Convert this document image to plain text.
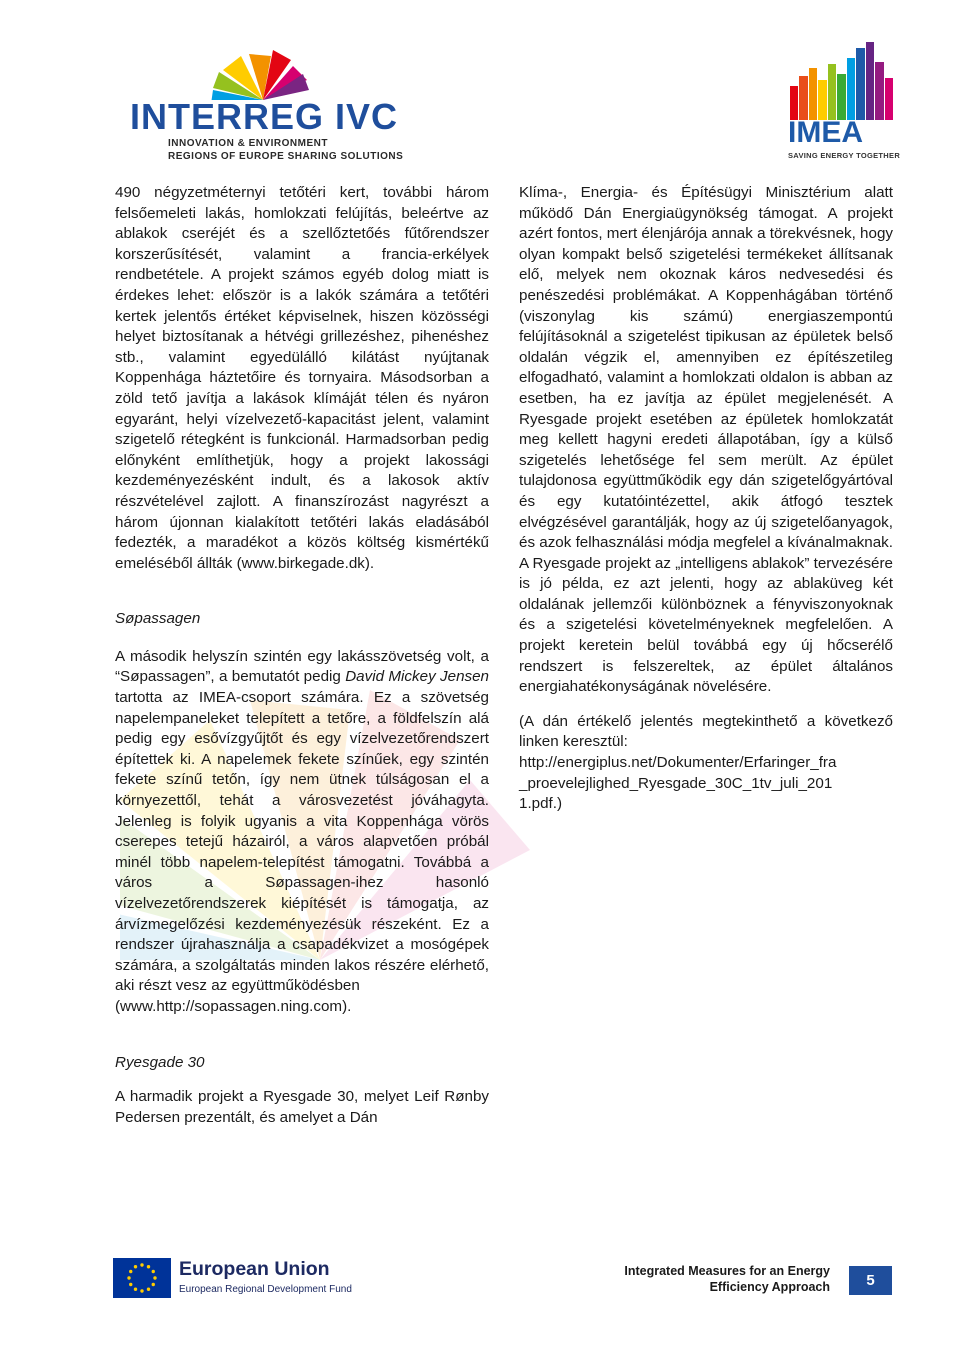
INTERREG IVC
INNOVATION & ENVIRONMENT
REGIONS OF EUROPE SHARING SOLUTIONS
IMEA
SAVING ENERGY TOGETHER

490 négyzetméternyi tetőtéri kert, további három felsőemeleti lakás, homlokzati felújítás, beleértve az ablakok cseréjét és a szellőztetőés fűtőrendszer korszerűsítését, valamint a francia-erkélyek rendbetétele. A projekt számos egyéb dolog miatt is érdekes lehet: először is a lakók számára a tetőtéri kertek jelentős értéket képviselnek, hiszen közösségi helyet biztosítanak a hétvégi grillezéshez, pihenéshez stb., valamint egyedülálló kilátást nyújtanak Koppenhága háztetőire és tornyaira. Másodsorban a zöld tető javítja a lakások klímáját télen és nyáron egyaránt, helyi vízelvezető-kapacitást jelent, valamint szigetelő rétegként is funkcionál. Harmadsorban pedig előnyként említhetjük, hogy a projekt lakossági kezdeményezésként indult, és a lakosok aktív részvételével zajlott. A finanszírozást nagyrészt a három újonnan kialakított tetőtéri lakás eladásából fedezték, a maradékot a közös költség kismértékű emeléséből állták (www.birkegade.dk).

Søpassagen

A második helyszín szintén egy lakásszövetség volt, a “Søpassagen”, a bemutatót pedig David Mickey Jensen tartotta az IMEA-csoport számára. Ez a szövetség napelempaneleket telepített a tetőre, a földfelszín alá pedig egy esővízgyűjtőt és egy vízelvezetőrendszert építettek ki. A napelemek fekete színűek, egy szintén fekete színű tetőn, így nem ütnek túlságosan el a környezettől, tehát a városvezetést jóváhagyta. Jelenleg is folyik ugyanis a vita Koppenhága vörös cserepes tetejű házairól, a város alapvetően próbál minél több napelem-telepítést támogatni. Továbbá a város a Søpassagen-ihez hasonló vízelvezetőrendszerek kiépítését is támogatja, az árvízmegelőzési kezdeményezésük részeként. Ez a rendszer újrahasználja a csapadékvizet a mosógépek számára, a szolgáltatás minden lakos részére elérhető, aki részt vesz az együttműködésben

(www.http://sopassagen.ning.com).

Ryesgade 30

A harmadik projekt a Ryesgade 30, melyet Leif Rønby Pedersen prezentált, és amelyet a Dán

Klíma-, Energia- és Építésügyi Minisztérium alatt működő Dán Energiaügynökség támogat. A projekt azért fontos, mert élenjárója annak a törekvésnek, hogy olyan kompakt belső szigetelési termékeket állítsanak elő, melyek nem okoznak káros nedvesedési és penészedési problémákat. A Koppenhágában történő (viszonylag kis számú) energiaszempontú felújításoknál a szigetelést tipikusan az épületek belső oldalán végzik el, amennyiben ez építészetileg elfogadható, valamint a homlokzati oldalon is abban az esetben, ha ez javítja az épület megjelenését. A Ryesgade projekt esetében az épületek homlokzatát meg kellett hagyni eredeti állapotában, így a külső szigetelés lehetősége fel sem merült. Az épület tulajdonosa együttműködik egy dán szigetelőgyártóval és egy kutatóintézettel, akik átfogó tesztek elvégzésével garantálják, hogy az új szigetelőanyagok, és azok felhasználási módja megfelel a kívánalmaknak. A Ryesgade projekt az „intelligens ablakok” tervezésére is jó példa, ez azt jelenti, hogy az ablaküveg két oldalának jellemzői különböznek a fényviszonyoknak és a szigetelési követelményeknek megfelelően. A projekt keretein belül továbbá egy új hőcserélő rendszert is felszereltek, az épület általános energiahatékonyságának növelésére.

(A dán értékelő jelentés megtekinthető a következő linken keresztül:

http://energiplus.net/Dokumenter/Erfaringer_fra

_proevelejlighed_Ryesgade_30C_1tv_juli_201

1.pdf.)

European Union
European Regional Development Fund
Integrated Measures for an Energy
Efficiency Approach	5
